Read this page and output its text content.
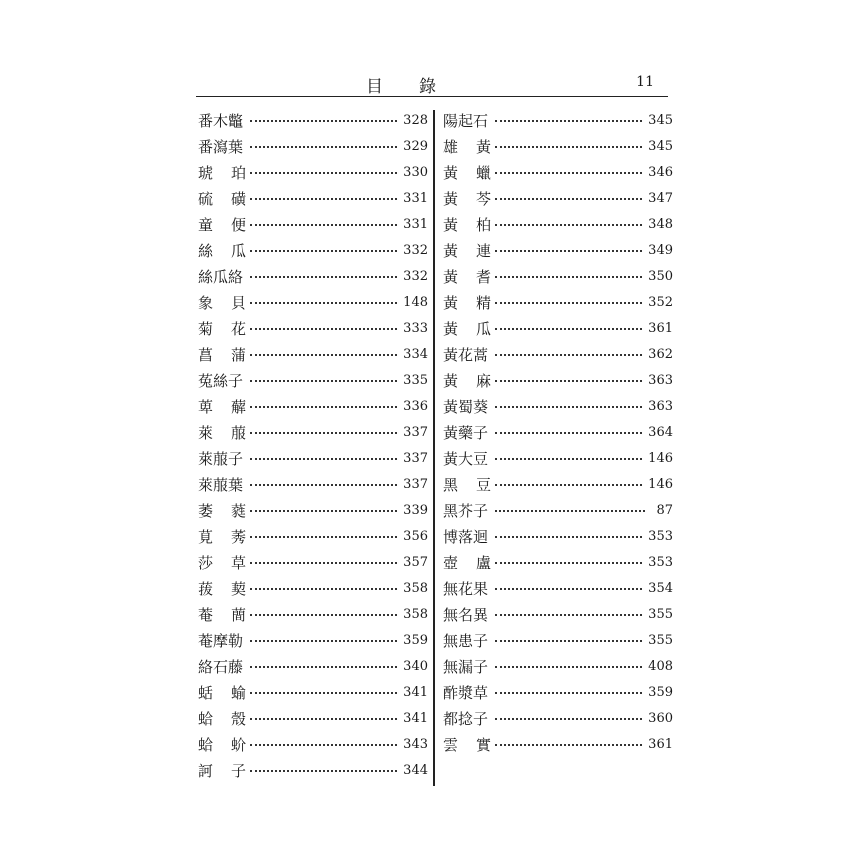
目錄	11
番木鼈	328
番瀉葉	329
琥 珀	330
硫 磺	331
童 便	331
絲 瓜	332
絲瓜絡	332
象 貝	148
菊 花	333
菖 蒲	334
菟絲子	335
萆 薢	336
萊 菔	337
萊菔子	337
萊菔葉	337
萎 蕤	339
莧 莠	356
莎 草	357
菝 葜	358
菴 蕳	358
菴摩勒	359
絡石藤	340
蛞 蝓	341
蛤 殼	341
蛤 蚧	343
訶 子	344
陽起石	345
雄 黃	345
黃 蠟	346
黃 芩	347
黃 柏	348
黃 連	349
黃 耆	350
黃 精	352
黃 瓜	361
黃花蒿	362
黃 麻	363
黃蜀葵	363
黃藥子	364
黃大豆	146
黑 豆	146
黑芥子	87
博落迴	353
壺 盧	353
無花果	354
無名異	355
無患子	355
無漏子	408
酢漿草	359
都捻子	360
雲 實	361
